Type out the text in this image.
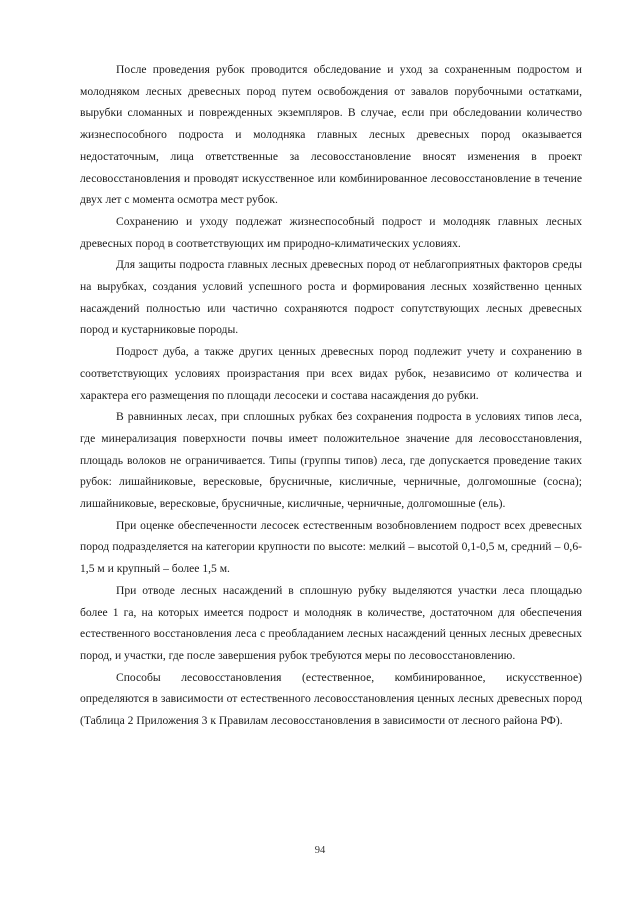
После проведения рубок проводится обследование и уход за сохраненным подростом и молодняком лесных древесных пород путем освобождения от завалов порубочными остатками, вырубки сломанных и поврежденных экземпляров. В случае, если при обследовании количество жизнеспособного подроста и молодняка главных лесных древесных пород оказывается недостаточным, лица ответственные за лесовосстановление вносят изменения в проект лесовосстановления и проводят искусственное или комбинированное лесовосстановление в течение двух лет с момента осмотра мест рубок.

Сохранению и уходу подлежат жизнеспособный подрост и молодняк главных лесных древесных пород в соответствующих им природно-климатических условиях.

Для защиты подроста главных лесных древесных пород от неблагоприятных факторов среды на вырубках, создания условий успешного роста и формирования лесных хозяйственно ценных насаждений полностью или частично сохраняются подрост сопутствующих лесных древесных пород и кустарниковые породы.

Подрост дуба, а также других ценных древесных пород подлежит учету и сохранению в соответствующих условиях произрастания при всех видах рубок, независимо от количества и характера его размещения по площади лесосеки и состава насаждения до рубки.

В равнинных лесах, при сплошных рубках без сохранения подроста в условиях типов леса, где минерализация поверхности почвы имеет положительное значение для лесовосстановления, площадь волоков не ограничивается. Типы (группы типов) леса, где допускается проведение таких рубок: лишайниковые, вересковые, брусничные, кисличные, черничные, долгомошные (сосна); лишайниковые, вересковые, брусничные, кисличные, черничные, долгомошные (ель).

При оценке обеспеченности лесосек естественным возобновлением подрост всех древесных пород подразделяется на категории крупности по высоте: мелкий – высотой 0,1-0,5 м, средний – 0,6-1,5 м и крупный – более 1,5 м.

При отводе лесных насаждений в сплошную рубку выделяются участки леса площадью более 1 га, на которых имеется подрост и молодняк в количестве, достаточном для обеспечения естественного восстановления леса с преобладанием лесных насаждений ценных лесных древесных пород, и участки, где после завершения рубок требуются меры по лесовосстановлению.

Способы лесовосстановления (естественное, комбинированное, искусственное) определяются в зависимости от естественного лесовосстановления ценных лесных древесных пород (Таблица 2 Приложения 3 к Правилам лесовосстановления в зависимости от лесного района РФ).

94
